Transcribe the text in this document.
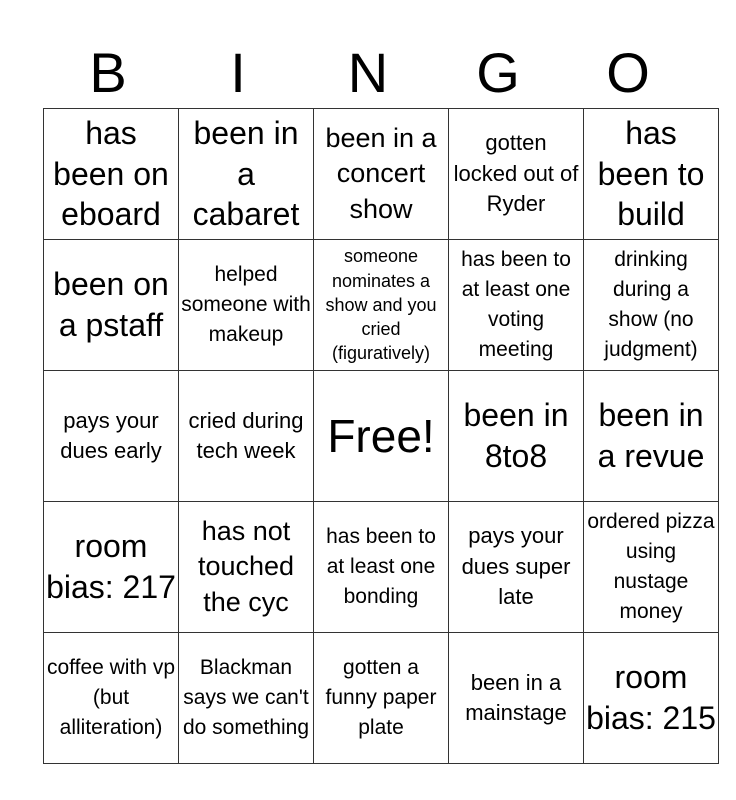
B	I	N	G	O
has been on eboard	been in a cabaret	been in a concert show	gotten locked out of Ryder	has been to build

been on a pstaff	helped someone with makeup	someone nominates a show and you cried (figuratively)	has been to at least one voting meeting	drinking during a show (no judgment)

pays your dues early	cried during tech week	Free!	been in 8to8	been in a revue

room bias: 217	has not touched the cyc	has been to at least one bonding	pays your dues super late	ordered pizza using nustage money

coffee with vp (but alliteration)	Blackman says we can't do something	gotten a funny paper plate	been in a mainstage	room bias: 215
